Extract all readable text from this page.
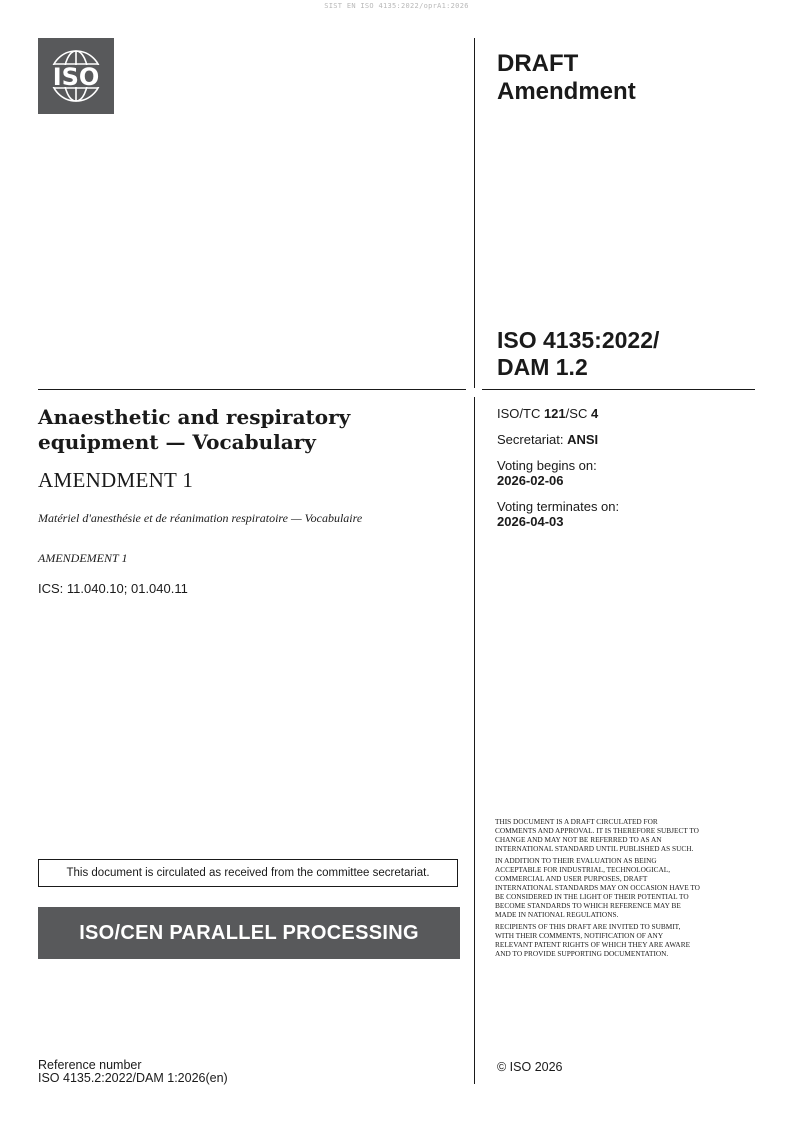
SIST EN ISO 4135:2022/oprA1:2026
ISO	DRAFT
Amendment
ISO 4135:2022/
DAM 1.2
ISO/TC 121/SC 4
Secretariat: ANSI
Voting begins on:
2026-02-06
Voting terminates on:
2026-04-03
Anaesthetic and respiratory equipment — Vocabulary
AMENDMENT 1
Matériel d'anesthésie et de réanimation respiratoire — Vocabulaire
AMENDEMENT 1
ICS: 11.040.10; 01.040.11

THIS DOCUMENT IS A DRAFT CIRCULATED FOR COMMENTS AND APPROVAL. IT IS THEREFORE SUBJECT TO CHANGE AND MAY NOT BE REFERRED TO AS AN INTERNATIONAL STANDARD UNTIL PUBLISHED AS SUCH.

IN ADDITION TO THEIR EVALUATION AS BEING ACCEPTABLE FOR INDUSTRIAL, TECHNOLOGICAL, COMMERCIAL AND USER PURPOSES, DRAFT INTERNATIONAL STANDARDS MAY ON OCCASION HAVE TO BE CONSIDERED IN THE LIGHT OF THEIR POTENTIAL TO BECOME STANDARDS TO WHICH REFERENCE MAY BE MADE IN NATIONAL REGULATIONS.

RECIPIENTS OF THIS DRAFT ARE INVITED TO SUBMIT, WITH THEIR COMMENTS, NOTIFICATION OF ANY RELEVANT PATENT RIGHTS OF WHICH THEY ARE AWARE AND TO PROVIDE SUPPORTING DOCUMENTATION.

This document is circulated as received from the committee secretariat.
ISO/CEN PARALLEL PROCESSING
Reference number
ISO 4135.2:2022/DAM 1:2026(en)
© ISO 2026
